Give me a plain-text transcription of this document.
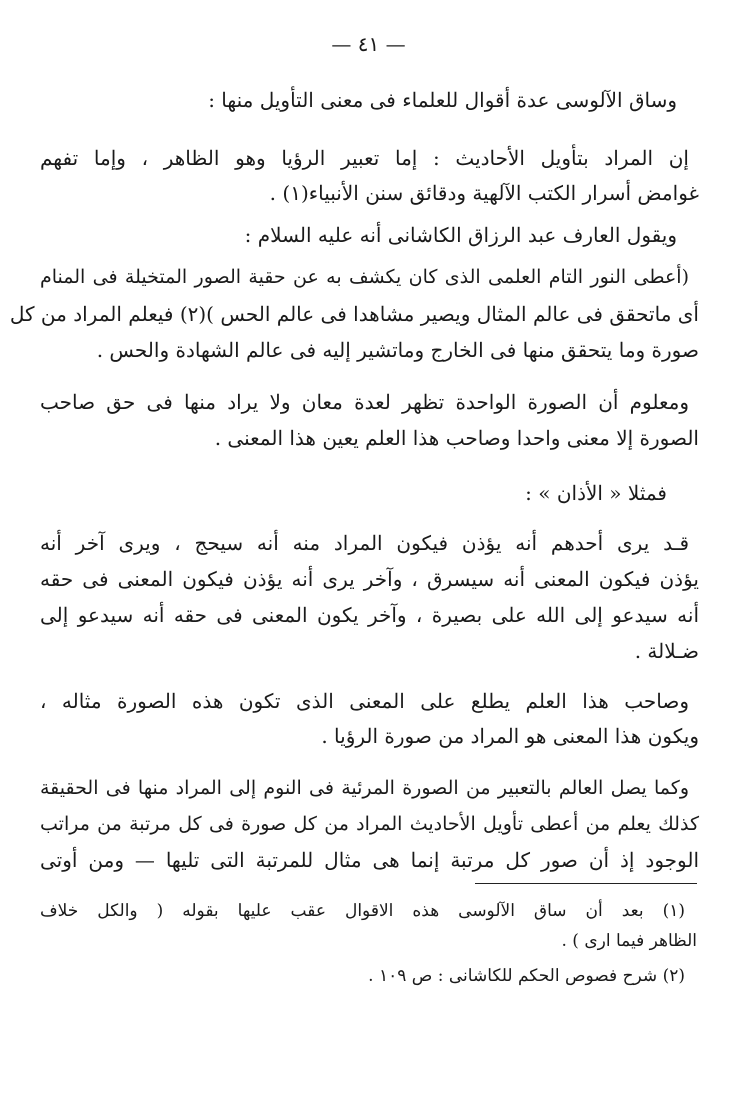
— ٤١ —
وساق الآلوسى عدة أقوال للعلماء فى معنى التأويل منها :
إن المراد بتأويل الأحاديث : إما تعبير الرؤيا وهو الظاهر ، وإما تفهم
غوامض أسرار الكتب الآلهية ودقائق سنن الأنبياء(١) .
ويقول العارف عبد الرزاق الكاشانى أنه عليه السلام :
(أعطى النور التام العلمى الذى كان يكشف به عن حقية الصور المتخيلة فى المنام
أى ماتحقق فى عالم المثال ويصير مشاهدا فى عالم الحس )(٢) فيعلم المراد من كل
صورة وما يتحقق منها فى الخارج وماتشير إليه فى عالم الشهادة والحس .
ومعلوم أن الصورة الواحدة تظهر لعدة معان ولا يراد منها فى حق صاحب
الصورة إلا معنى واحدا وصاحب هذا العلم يعين هذا المعنى .
فمثلا « الأذان » :
قـد يرى أحدهم أنه يؤذن فيكون المراد منه أنه سيحج ، ويرى آخر أنه
يؤذن فيكون المعنى أنه سيسرق ، وآخر يرى أنه يؤذن فيكون المعنى فى حقه
أنه سيدعو إلى الله على بصيرة ، وآخر يكون المعنى فى حقه أنه سيدعو إلى
ضـلالة .
وصاحب هذا العلم يطلع على المعنى الذى تكون هذه الصورة مثاله ،
ويكون هذا المعنى هو المراد من صورة الرؤيا .
وكما يصل العالم بالتعبير من الصورة المرئية فى النوم إلى المراد منها فى الحقيقة
كذلك يعلم من أعطى تأويل الأحاديث المراد من كل صورة فى كل مرتبة من مراتب
الوجود إذ أن صور كل مرتبة إنما هى مثال للمرتبة التى تليها — ومن أوتى
(١) بعد أن ساق الآلوسى هذه الاقوال عقب عليها بقوله ( والكل خلاف
الظاهر فيما ارى ) .
(٢) شرح فصوص الحكم للكاشانى : ص ١٠٩ .
